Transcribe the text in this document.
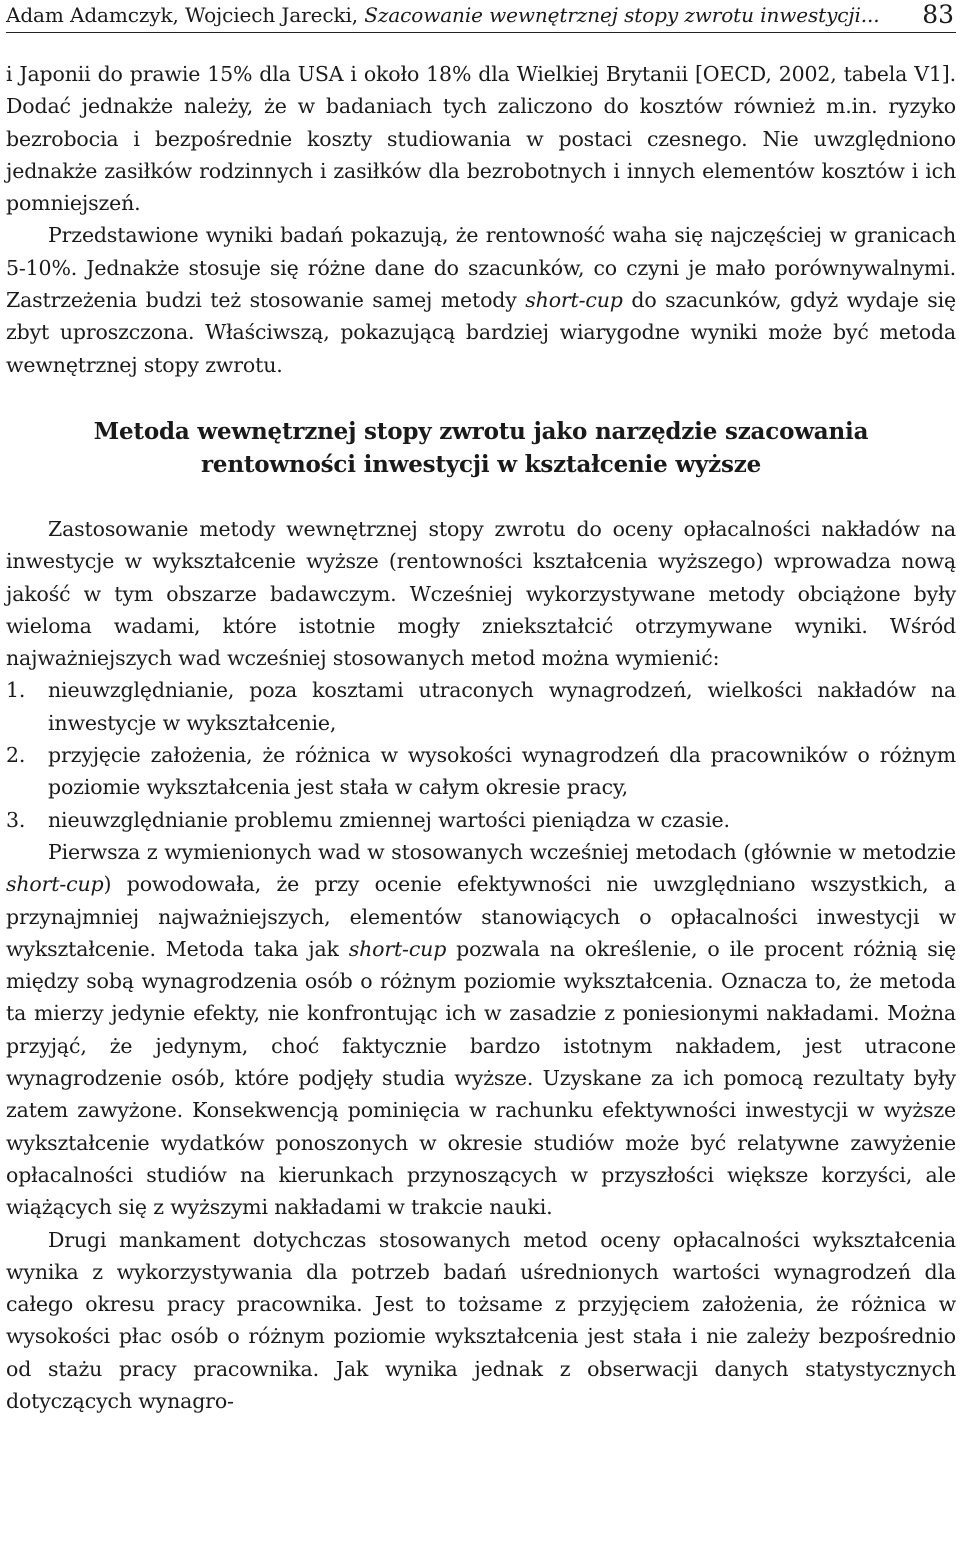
Adam Adamczyk, Wojciech Jarecki, Szacowanie wewnętrznej stopy zwrotu inwestycji... 83

i Japonii do prawie 15% dla USA i około 18% dla Wielkiej Brytanii [OECD, 2002, tabela V1]. Dodać jednakże należy, że w badaniach tych zaliczono do kosztów również m.in. ryzyko bezrobocia i bezpośrednie koszty studiowania w postaci czesnego. Nie uwzględniono jednakże zasiłków rodzinnych i zasiłków dla bezrobotnych i innych elementów kosztów i ich pomniejszeń.

Przedstawione wyniki badań pokazują, że rentowność waha się najczęściej w granicach 5-10%. Jednakże stosuje się różne dane do szacunków, co czyni je mało porównywalnymi. Zastrzeżenia budzi też stosowanie samej metody short-cup do szacunków, gdyż wydaje się zbyt uproszczona. Właściwszą, pokazującą bardziej wiarygodne wyniki może być metoda wewnętrznej stopy zwrotu.

Metoda wewnętrznej stopy zwrotu jako narzędzie szacowania
rentowności inwestycji w kształcenie wyższe

Zastosowanie metody wewnętrznej stopy zwrotu do oceny opłacalności nakładów na inwestycje w wykształcenie wyższe (rentowności kształcenia wyższego) wprowadza nową jakość w tym obszarze badawczym. Wcześniej wykorzystywane metody obciążone były wieloma wadami, które istotnie mogły zniekształcić otrzymywane wyniki. Wśród najważniejszych wad wcześniej stosowanych metod można wymienić:

1. nieuwzględnianie, poza kosztami utraconych wynagrodzeń, wielkości nakładów na inwestycje w wykształcenie,
2. przyjęcie założenia, że różnica w wysokości wynagrodzeń dla pracowników o różnym poziomie wykształcenia jest stała w całym okresie pracy,
3. nieuwzględnianie problemu zmiennej wartości pieniądza w czasie.

Pierwsza z wymienionych wad w stosowanych wcześniej metodach (głównie w metodzie short-cup) powodowała, że przy ocenie efektywności nie uwzględniano wszystkich, a przynajmniej najważniejszych, elementów stanowiących o opłacalności inwestycji w wykształcenie. Metoda taka jak short-cup pozwala na określenie, o ile procent różnią się między sobą wynagrodzenia osób o różnym poziomie wykształcenia. Oznacza to, że metoda ta mierzy jedynie efekty, nie konfrontując ich w zasadzie z poniesionymi nakładami. Można przyjąć, że jedynym, choć faktycznie bardzo istotnym nakładem, jest utracone wynagrodzenie osób, które podjęły studia wyższe. Uzyskane za ich pomocą rezultaty były zatem zawyżone. Konsekwencją pominięcia w rachunku efektywności inwestycji w wyższe wykształcenie wydatków ponoszonych w okresie studiów może być relatywne zawyżenie opłacalności studiów na kierunkach przynoszących w przyszłości większe korzyści, ale wiążących się z wyższymi nakładami w trakcie nauki.

Drugi mankament dotychczas stosowanych metod oceny opłacalności wykształcenia wynika z wykorzystywania dla potrzeb badań uśrednionych wartości wynagrodzeń dla całego okresu pracy pracownika. Jest to tożsame z przyjęciem założenia, że różnica w wysokości płac osób o różnym poziomie wykształcenia jest stała i nie zależy bezpośrednio od stażu pracy pracownika. Jak wynika jednak z obserwacji danych statystycznych dotyczących wynagro-
